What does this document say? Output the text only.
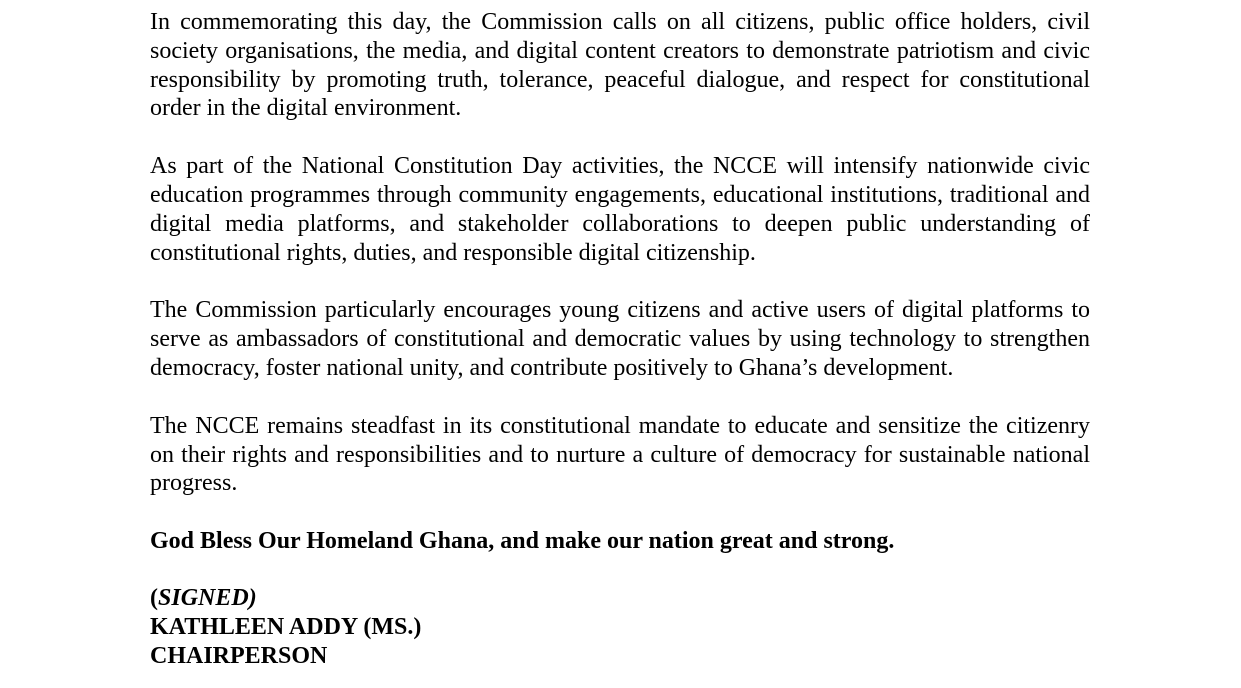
In commemorating this day, the Commission calls on all citizens, public office holders, civil society organisations, the media, and digital content creators to demonstrate patriotism and civic responsibility by promoting truth, tolerance, peaceful dialogue, and respect for constitutional order in the digital environment.

As part of the National Constitution Day activities, the NCCE will intensify nationwide civic education programmes through community engagements, educational institutions, traditional and digital media platforms, and stakeholder collaborations to deepen public understanding of constitutional rights, duties, and responsible digital citizenship.

The Commission particularly encourages young citizens and active users of digital platforms to serve as ambassadors of constitutional and democratic values by using technology to strengthen democracy, foster national unity, and contribute positively to Ghana’s development.

The NCCE remains steadfast in its constitutional mandate to educate and sensitize the citizenry on their rights and responsibilities and to nurture a culture of democracy for sustainable national progress.

God Bless Our Homeland Ghana, and make our nation great and strong.

(SIGNED)
KATHLEEN ADDY (MS.)
CHAIRPERSON
